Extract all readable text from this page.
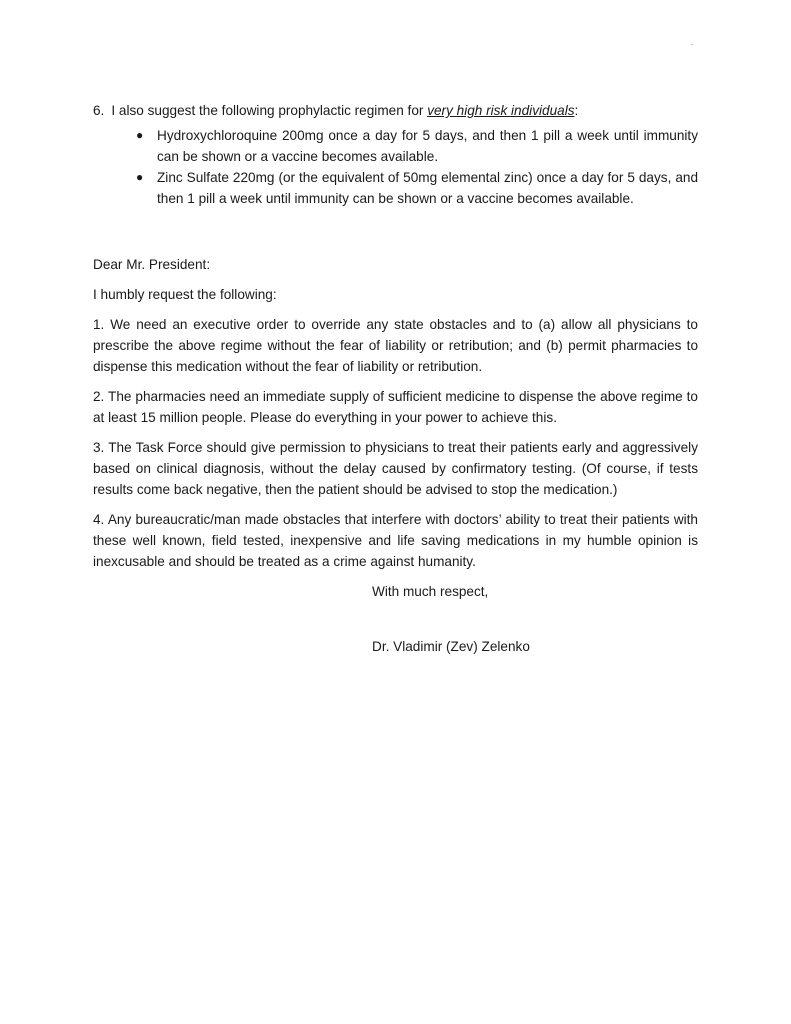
”

6. I also suggest the following prophylactic regimen for very high risk individuals:

● Hydroxychloroquine 200mg once a day for 5 days, and then 1 pill a week until immunity can be shown or a vaccine becomes available.
● Zinc Sulfate 220mg (or the equivalent of 50mg elemental zinc) once a day for 5 days, and then 1 pill a week until immunity can be shown or a vaccine becomes available.

Dear Mr. President:

I humbly request the following:

1. We need an executive order to override any state obstacles and to (a) allow all physicians to prescribe the above regime without the fear of liability or retribution; and (b) permit pharmacies to dispense this medication without the fear of liability or retribution.

2. The pharmacies need an immediate supply of sufficient medicine to dispense the above regime to at least 15 million people. Please do everything in your power to achieve this.

3. The Task Force should give permission to physicians to treat their patients early and aggressively based on clinical diagnosis, without the delay caused by confirmatory testing. (Of course, if tests results come back negative, then the patient should be advised to stop the medication.)

4. Any bureaucratic/man made obstacles that interfere with doctors’ ability to treat their patients with these well known, field tested, inexpensive and life saving medications in my humble opinion is inexcusable and should be treated as a crime against humanity.

With much respect,

Dr. Vladimir (Zev) Zelenko
